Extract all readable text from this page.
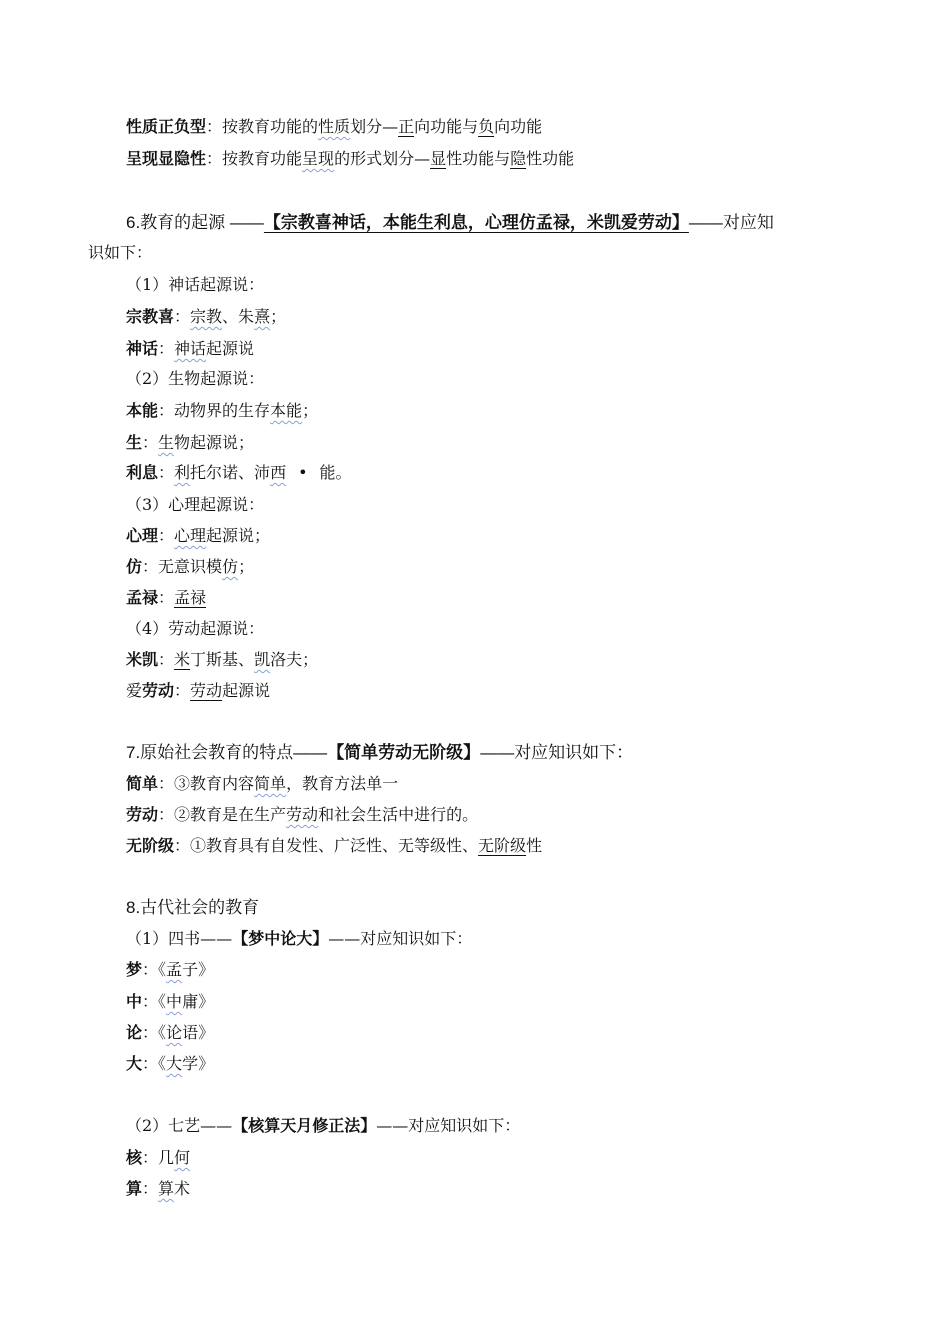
性质正负型：按教育功能的性质划分—正向功能与负向功能
呈现显隐性：按教育功能呈现的形式划分—显性功能与隐性功能
6.教育的起源 ——【宗教喜神话，本能生利息，心理仿孟禄，米凯爱劳动】——对应知
识如下：
（1）神话起源说：
宗教喜：宗教、朱熹；
神话：神话起源说
（2）生物起源说：
本能：动物界的生存本能；
生：生物起源说；
利息：利托尔诺、沛西 • 能。
（3）心理起源说：
心理：心理起源说；
仿：无意识模仿；
孟禄：孟禄
（4）劳动起源说：
米凯：米丁斯基、凯洛夫；
爱劳动：劳动起源说
7.原始社会教育的特点——【简单劳动无阶级】——对应知识如下：
简单：③教育内容简单，教育方法单一
劳动：②教育是在生产劳动和社会生活中进行的。
无阶级：①教育具有自发性、广泛性、无等级性、无阶级性
8.古代社会的教育
（1）四书——【梦中论大】——对应知识如下：
梦：《孟子》
中：《中庸》
论：《论语》
大：《大学》
（2）七艺——【核算天月修正法】——对应知识如下：
核：几何
算：算术
